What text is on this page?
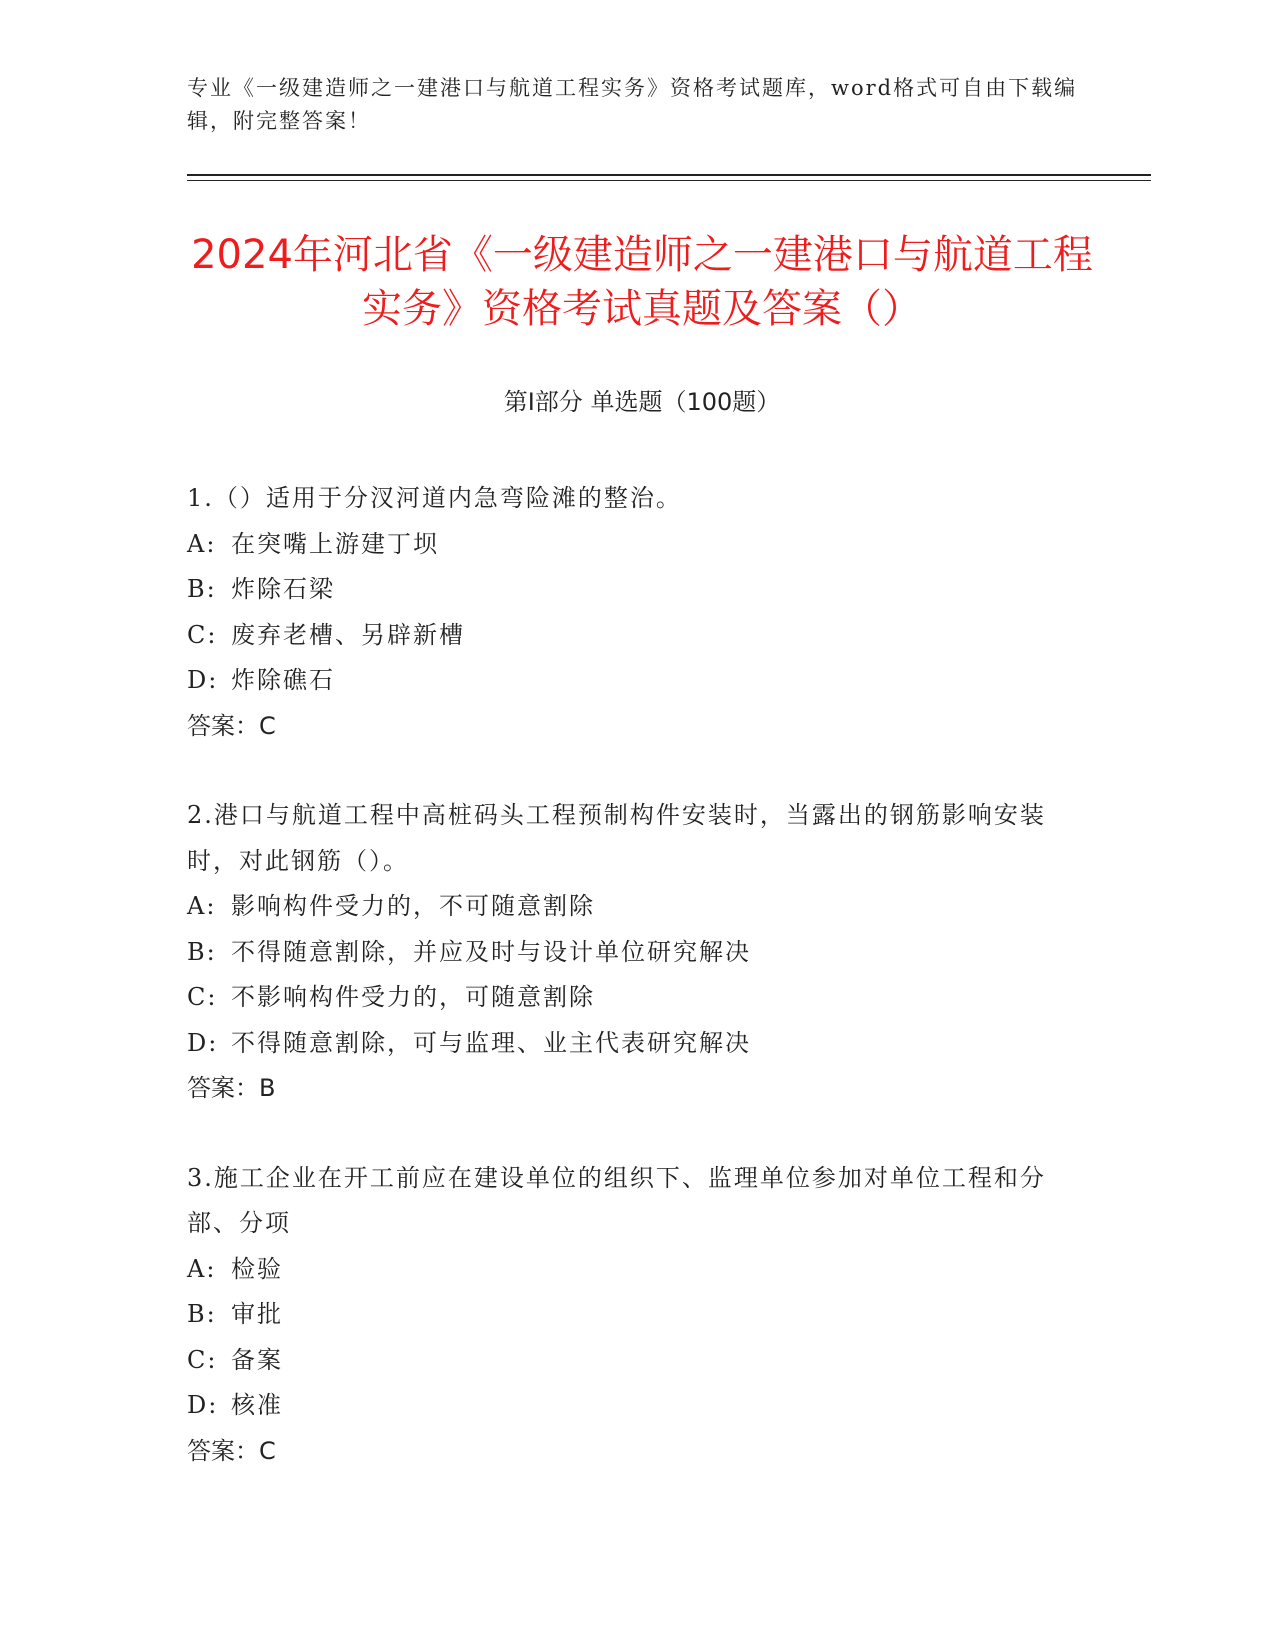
专业《一级建造师之一建港口与航道工程实务》资格考试题库，word格式可自由下载编辑，附完整答案！
2024年河北省《一级建造师之一建港口与航道工程实务》资格考试真题及答案（）
第Ⅰ部分 单选题（100题）
1.（）适用于分汊河道内急弯险滩的整治。
A: 在突嘴上游建丁坝
B: 炸除石梁
C: 废弃老槽、另辟新槽
D: 炸除礁石
答案：C
2.港口与航道工程中高桩码头工程预制构件安装时，当露出的钢筋影响安装时，对此钢筋（）。
A: 影响构件受力的，不可随意割除
B: 不得随意割除，并应及时与设计单位研究解决
C: 不影响构件受力的，可随意割除
D: 不得随意割除，可与监理、业主代表研究解决
答案：B
3.施工企业在开工前应在建设单位的组织下、监理单位参加对单位工程和分部、分项
A: 检验
B: 审批
C: 备案
D: 核准
答案：C
